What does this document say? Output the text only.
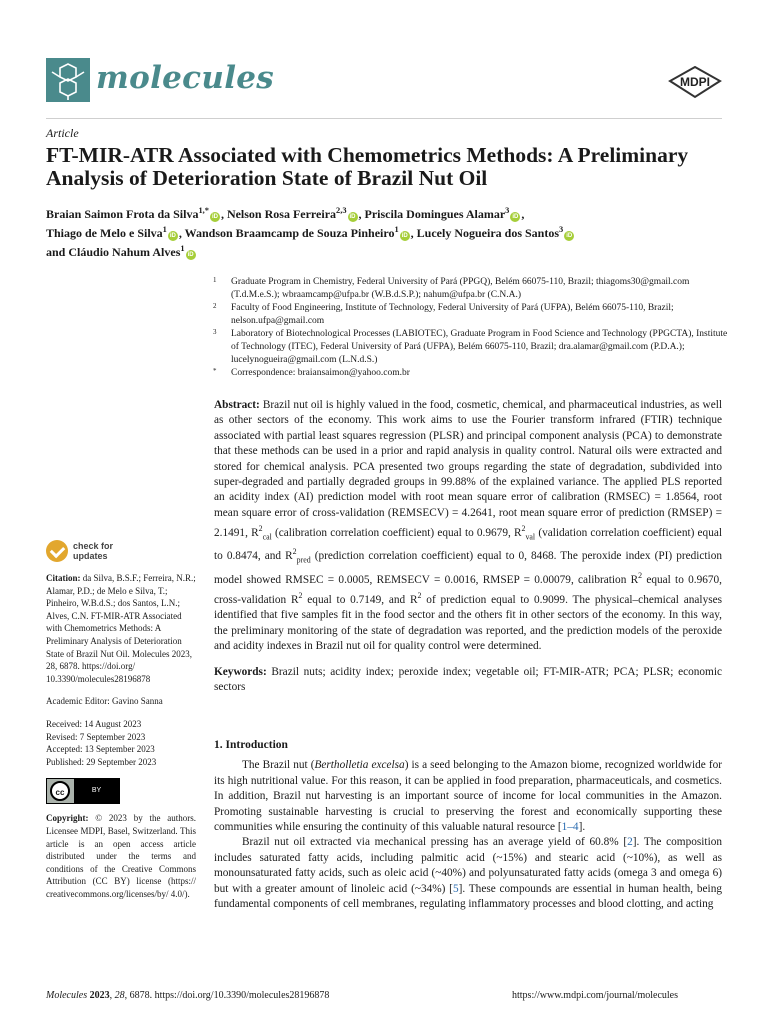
molecules	MDPI
Article
FT-MIR-ATR Associated with Chemometrics Methods: A Preliminary Analysis of Deterioration State of Brazil Nut Oil
Braian Saimon Frota da Silva$^{1,*}$iD , Nelson Rosa Ferreira$^{2,3}$iD , Priscila Domingues Alamar$^3$iD ,
Thiago de Melo e Silva$^1$iD , Wandson Braamcamp de Souza Pinheiro$^1$iD , Lucely Nogueira dos Santos$^3$iD
and Cláudio Nahum Alves$^1$iD
1 Graduate Program in Chemistry, Federal University of Pará (PPGQ), Belém 66075-110, Brazil; thiagoms30@gmail.com (T.d.M.e.S.); wbraamcamp@ufpa.br (W.B.d.S.P.); nahum@ufpa.br (C.N.A.)
2 Faculty of Food Engineering, Institute of Technology, Federal University of Pará (UFPA), Belém 66075-110, Brazil; nelson.ufpa@gmail.com
3 Laboratory of Biotechnological Processes (LABIOTEC), Graduate Program in Food Science and Technology (PPGCTA), Institute of Technology (ITEC), Federal University of Pará (UFPA), Belém 66075-110, Brazil; dra.alamar@gmail.com (P.D.A.); lucelynogueira@gmail.com (L.N.d.S.)
* Correspondence: braiansaimon@yahoo.com.br
Abstract: Brazil nut oil is highly valued in the food, cosmetic, chemical, and pharmaceutical industries, as well as other sectors of the economy. This work aims to use the Fourier transform infrared (FTIR) technique associated with partial least squares regression (PLSR) and principal component analysis (PCA) to demonstrate that these methods can be used in a prior and rapid analysis in quality control. Natural oils were extracted and stored for chemical analysis. PCA presented two groups regarding the state of degradation, subdivided into super-degraded and partially degraded groups in 99.88% of the explained variance. The applied PLS reported an acidity index (AI) prediction model with root mean square error of calibration (RMSEC) = 1.8564, root mean square error of cross-validation (REMSECV) = 4.2641, root mean square error of prediction (RMSEP) = 2.1491, $R^2_{cal}$ (calibration correlation coefficient) equal to 0.9679, $R^2_{val}$ (validation correlation coefficient) equal to 0.8474, and $R^2_{pred}$ (prediction correlation coefficient) equal to 0, 8468. The peroxide index (PI) prediction model showed RMSEC = 0.0005, REMSECV = 0.0016, RMSEP = 0.00079, calibration $R^2$ equal to 0.9670, cross-validation $R^2$ equal to 0.7149, and $R^2$ of prediction equal to 0.9099. The physical–chemical analyses identified that five samples fit in the food sector and the others fit in other sectors of the economy. In this way, the preliminary monitoring of the state of degradation was reported, and the prediction models of the peroxide and acidity indexes in Brazil nut oil for quality control were determined.
Keywords: Brazil nuts; acidity index; peroxide index; vegetable oil; FT-MIR-ATR; PCA; PLSR; economic sectors
check for
updates
Citation: da Silva, B.S.F.; Ferreira, N.R.; Alamar, P.D.; de Melo e Silva, T.; Pinheiro, W.B.d.S.; dos Santos, L.N.; Alves, C.N. FT-MIR-ATR Associated with Chemometrics Methods: A Preliminary Analysis of Deterioration State of Brazil Nut Oil. Molecules 2023, 28, 6878. https://doi.org/ 10.3390/molecules28196878
Academic Editor: Gavino Sanna
Received: 14 August 2023
Revised: 7 September 2023
Accepted: 13 September 2023
Published: 29 September 2023
cc	BY
Copyright: © 2023 by the authors. Licensee MDPI, Basel, Switzerland. This article is an open access article distributed under the terms and conditions of the Creative Commons Attribution (CC BY) license (https:// creativecommons.org/licenses/by/ 4.0/).
1. Introduction
The Brazil nut (Bertholletia excelsa) is a seed belonging to the Amazon biome, recognized worldwide for its high nutritional value. For this reason, it can be applied in food preparation, pharmaceuticals, and cosmetics. In addition, Brazil nut harvesting is an important source of income for local communities in the Amazon. Promoting sustainable harvesting is crucial to preserving the forest and economically supporting these communities while ensuring the continuity of this valuable natural resource [1–4].
Brazil nut oil extracted via mechanical pressing has an average yield of 60.8% [2]. The composition includes saturated fatty acids, including palmitic acid (~15%) and stearic acid (~10%), as well as monounsaturated fatty acids, such as oleic acid (~40%) and polyunsaturated fatty acids (omega 3 and omega 6) but with a greater amount of linoleic acid (~34%) [5]. These compounds are essential in human health, being fundamental components of cell membranes, regulating inflammatory processes and blood clotting, and acting
Molecules 2023, 28, 6878. https://doi.org/10.3390/molecules28196878	https://www.mdpi.com/journal/molecules
